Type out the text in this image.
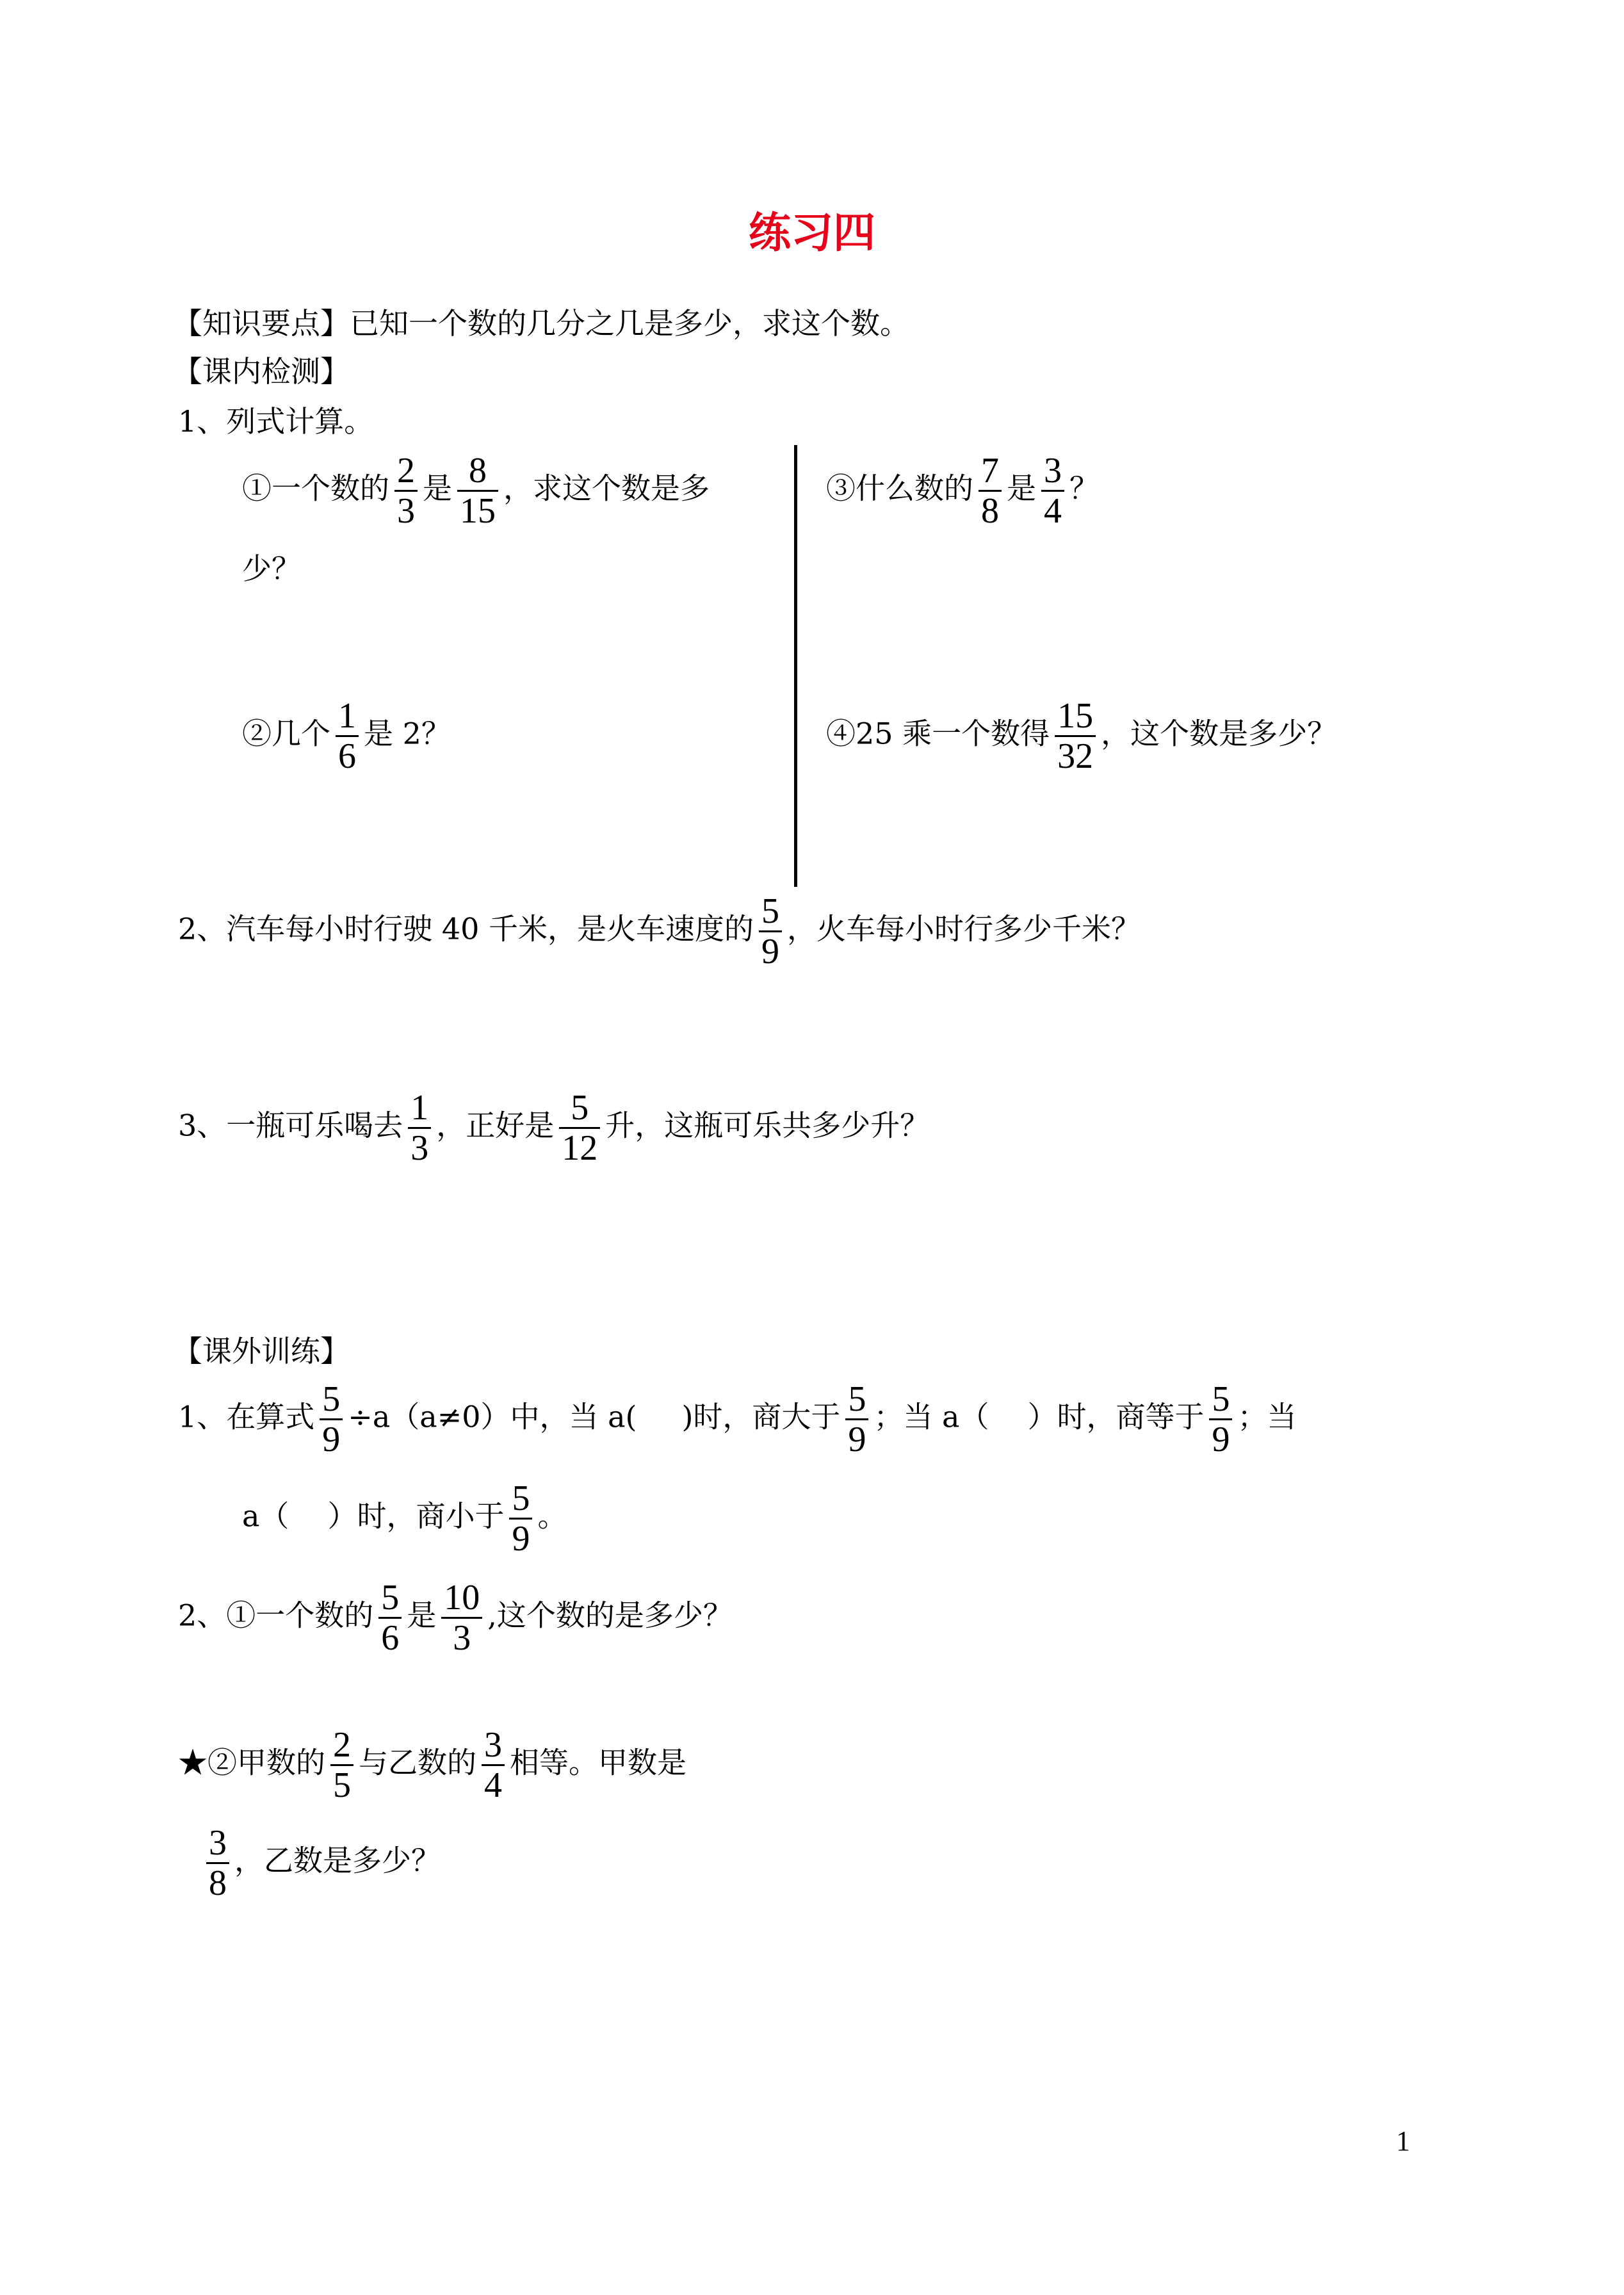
练习四
【知识要点】已知一个数的几分之几是多少，求这个数。
【课内检测】
1、列式计算。
①一个数的 $\frac{2}{3}$ 是 $\frac{8}{15}$ ，求这个数是多
少？
③什么数的 $\frac{7}{8}$ 是 $\frac{3}{4}$ ？
②几个 $\frac{1}{6}$ 是 2？	④25 乘一个数得 $\frac{15}{32}$ ，这个数是多少？
2、汽车每小时行驶 40 千米，是火车速度的 $\frac{5}{9}$ ，火车每小时行多少千米？
3、一瓶可乐喝去 $\frac{1}{3}$ ，正好是 $\frac{5}{12}$ 升，这瓶可乐共多少升？
【课外训练】
1、在算式 $\frac{5}{9} \div a(a\ne 0)$中，当 a( )时，商大于 $\frac{5}{9}$ ；当 a（ ）时，商等于 $\frac{5}{9}$ ；当
a（ ）时，商小于 $\frac{5}{9}$ 。
2、①一个数的 $\frac{5}{6}$ 是 $\frac{10}{3}$ ,这个数的是多少？
★②甲数的 $\frac{2}{5}$ 与乙数的 $\frac{3}{4}$ 相等。甲数是
$\frac{3}{8}$ ，乙数是多少？
1
